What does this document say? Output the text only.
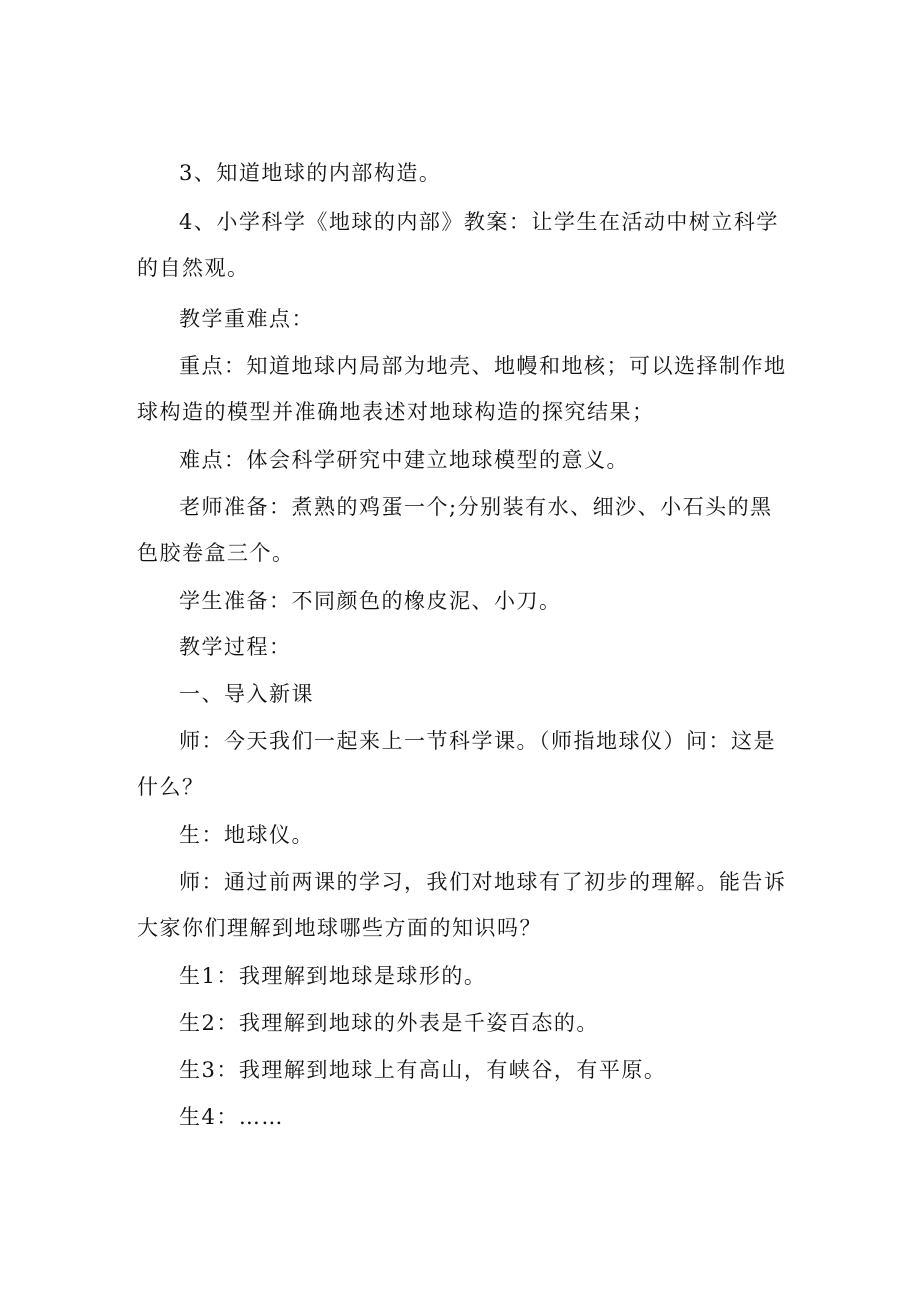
3、知道地球的内部构造。

4、小学科学《地球的内部》教案：让学生在活动中树立科学的自然观。

教学重难点：

重点：知道地球内局部为地壳、地幔和地核；可以选择制作地球构造的模型并准确地表述对地球构造的探究结果；

难点：体会科学研究中建立地球模型的意义。

老师准备：煮熟的鸡蛋一个;分别装有水、细沙、小石头的黑色胶卷盒三个。

学生准备：不同颜色的橡皮泥、小刀。

教学过程：

一、导入新课

师：今天我们一起来上一节科学课。（师指地球仪）问：这是什么？

生：地球仪。

师：通过前两课的学习，我们对地球有了初步的理解。能告诉大家你们理解到地球哪些方面的知识吗？

生1：我理解到地球是球形的。

生2：我理解到地球的外表是千姿百态的。

生3：我理解到地球上有高山，有峡谷，有平原。

生4：……
